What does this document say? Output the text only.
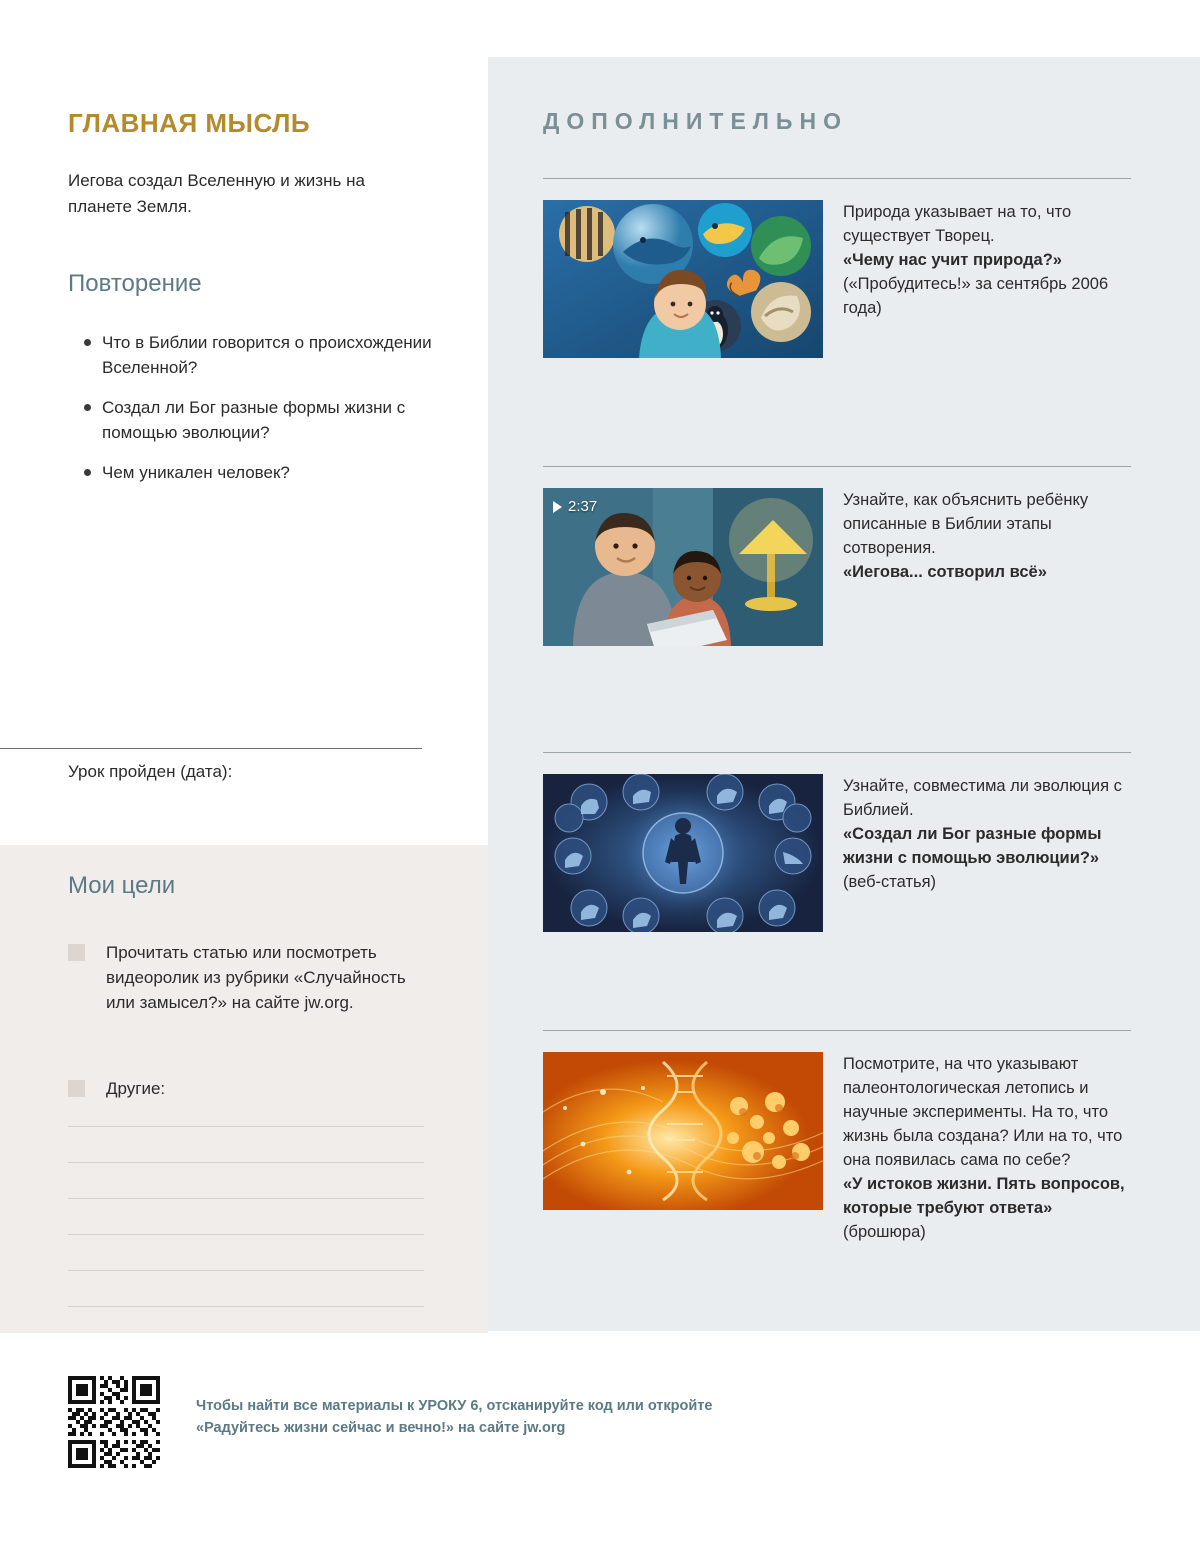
ГЛАВНАЯ МЫСЛЬ
Иегова создал Вселенную и жизнь на планете Земля.
Повторение
Что в Библии говорится о происхождении Вселенной?
Создал ли Бог разные формы жизни с помощью эволюции?
Чем уникален человек?
Урок пройден (дата):
Мои цели
Прочитать статью или посмотреть видеоролик из рубрики «Случайность или замысел?» на сайте jw.org.
Другие:
Чтобы найти все материалы к УРОКУ 6, отсканируйте код или откройте «Радуйтесь жизни сейчас и вечно!» на сайте jw.org
ДОПОЛНИТЕЛЬНО
Природа указывает на то, что существует Творец.
«Чему нас учит природа?» («Пробудитесь!» за сентябрь 2006 года)
2:37	Узнайте, как объяснить ребёнку описанные в Библии этапы сотворения.
«Иегова... сотворил всё»
Узнайте, совместима ли эволюция с Библией.
«Создал ли Бог разные формы жизни с помощью эволюции?» (веб-статья)
Посмотрите, на что указывают палеонтологическая летопись и научные эксперименты. На то, что жизнь была создана? Или на то, что она появилась сама по себе?
«У истоков жизни. Пять вопросов, которые требуют ответа» (брошюра)
